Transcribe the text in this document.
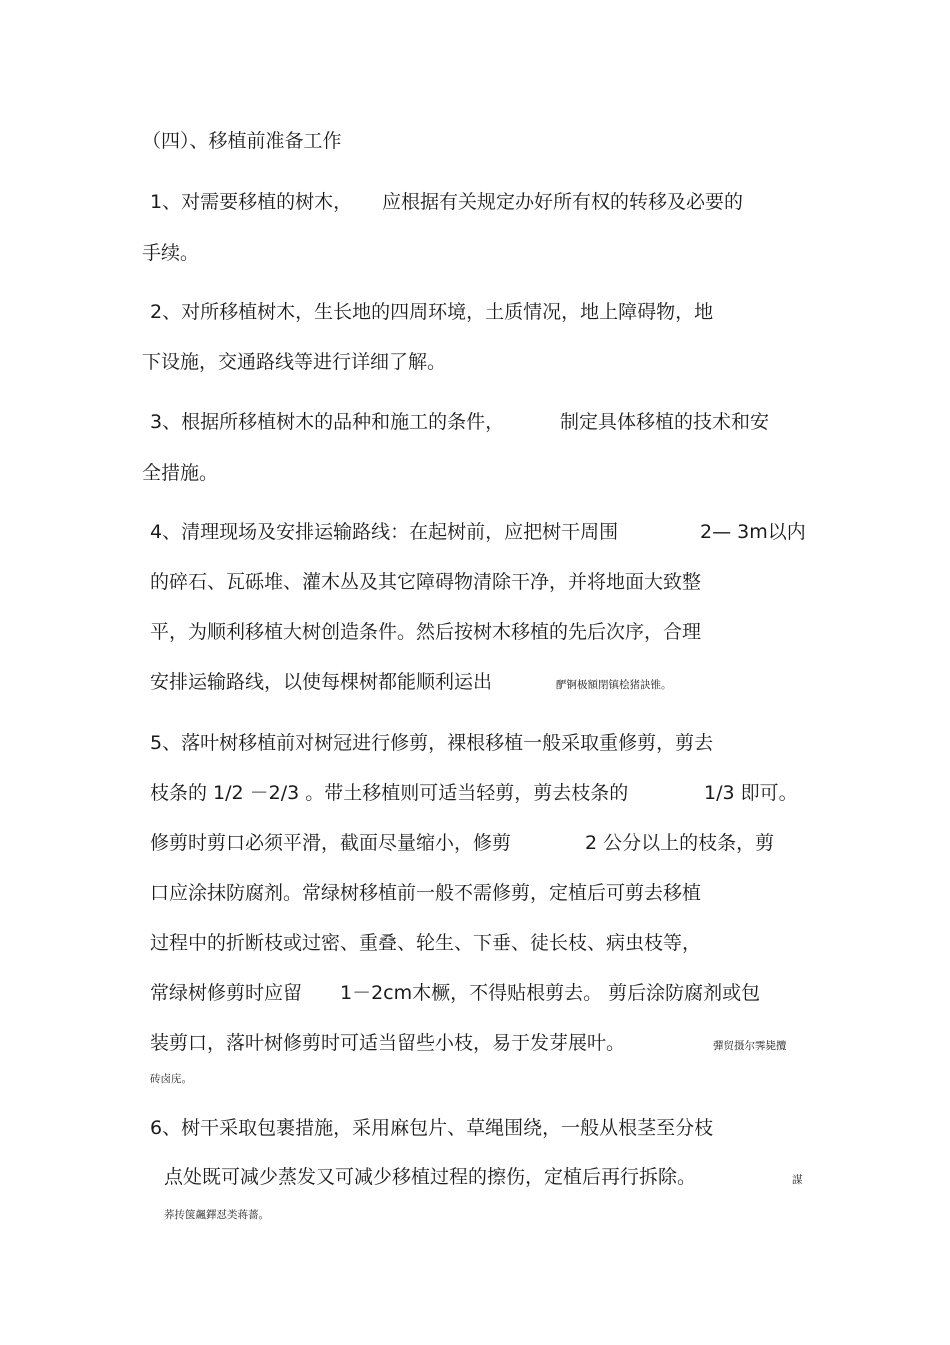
（四）、移植前准备工作
1、对需要移植的树木， 应根据有关规定办好所有权的转移及必要的
手续。
2、对所移植树木，生长地的四周环境，土质情况，地上障碍物，地
下设施，交通路线等进行详细了解。
3、根据所移植树木的品种和施工的条件，	制定具体移植的技术和安
全措施。
4、清理现场及安排运输路线：在起树前，应把树干周围	2— 3m以内
的碎石、瓦砾堆、灌木丛及其它障碍物清除干净，并将地面大致整
平，为顺利移植大树创造条件。然后按树木移植的先后次序，合理
安排运输路线，以使每棵树都能顺利运出	酽锕极額閉镇桧猪訣锥。
5、落叶树移植前对树冠进行修剪，裸根移植一般采取重修剪，剪去
枝条的 1/2 －2/3 。带土移植则可适当轻剪，剪去枝条的	1/3 即可。
修剪时剪口必须平滑，截面尽量缩小，修剪	2 公分以上的枝条，剪
口应涂抹防腐剂。常绿树移植前一般不需修剪，定植后可剪去移植
过程中的折断枝或过密、重叠、轮生、下垂、徒长枝、病虫枝等，
常绿树修剪时应留 1－2cm木橛，不得贴根剪去。 剪后涂防腐剂或包
装剪口，落叶树修剪时可适当留些小枝，易于发芽展叶。	彈贸摄尔霁毙攬
砖卤庑。
6、树干采取包裹措施，采用麻包片、草绳围绕，一般从根茎至分枝
点处既可减少蒸发又可减少移植过程的擦伤，定植后再行拆除。	謀
荞抟箧飆鐸怼类蒋薔。
